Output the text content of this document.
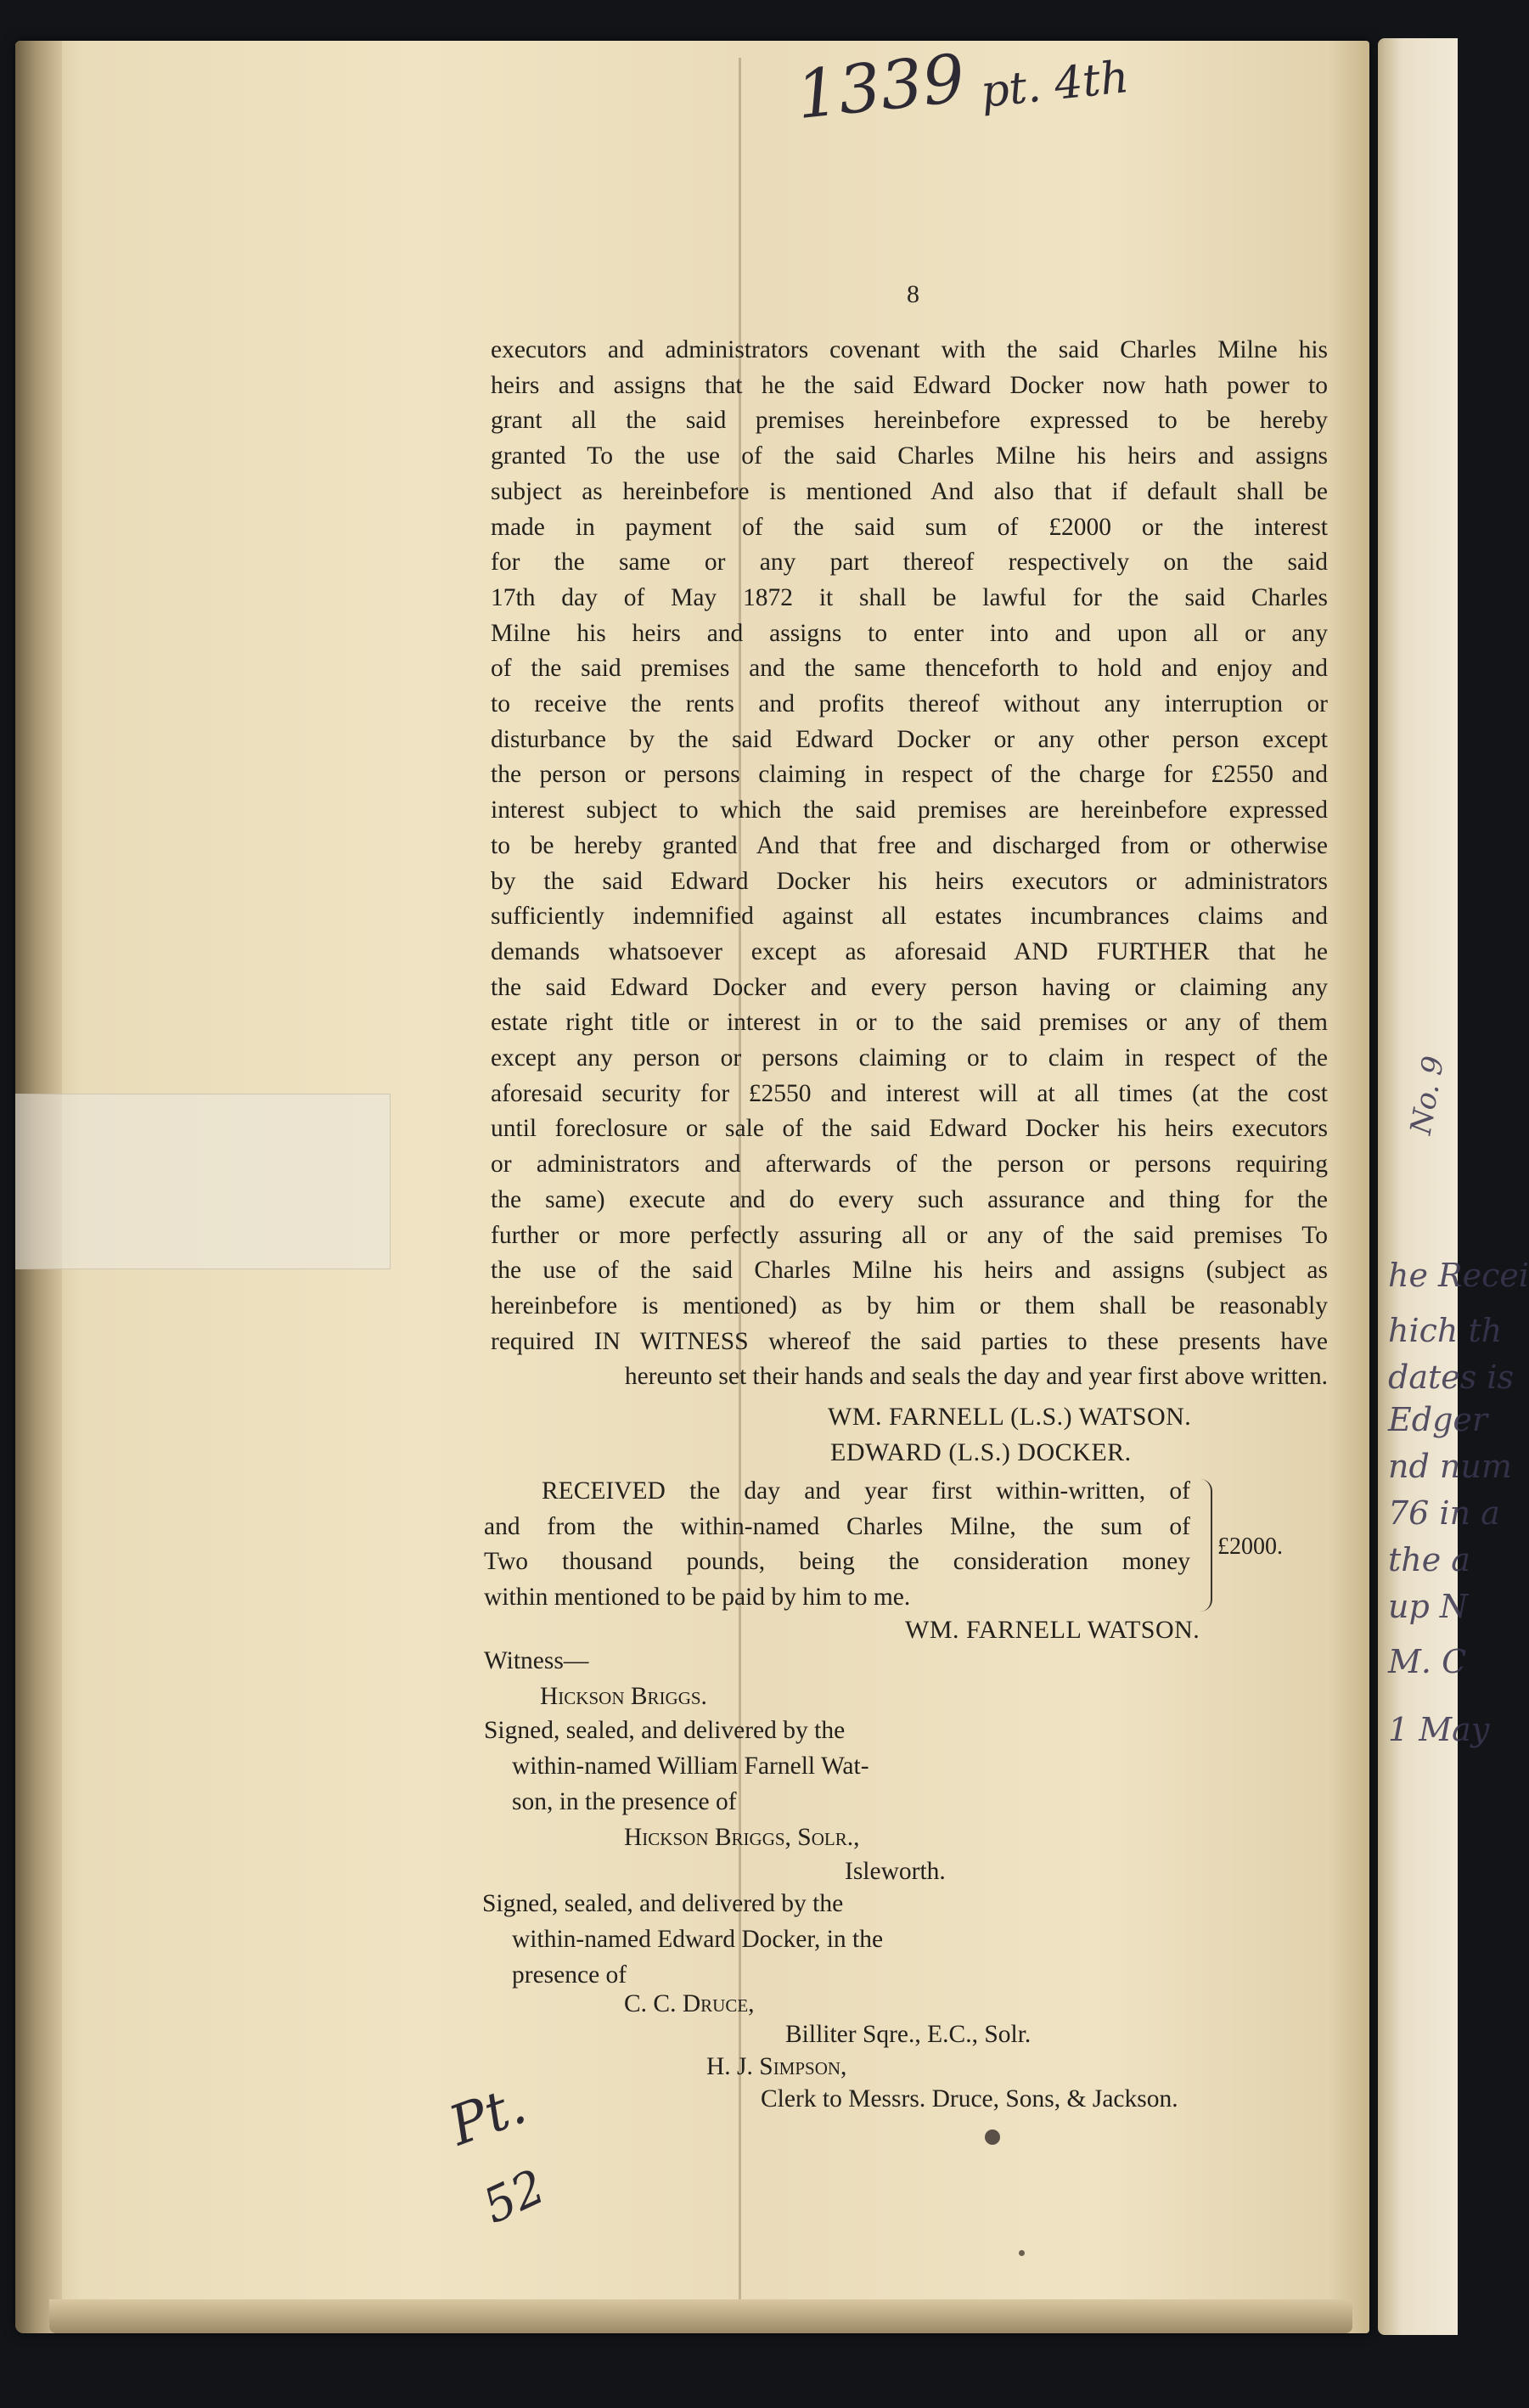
No. 9
he Recei
hich th
dates is
Edger
nd num
76 in a
the a
up N
M. C
1 May
1339 pt. 4th
8
executors and administrators covenant with the said Charles Milne his
heirs and assigns that he the said Edward Docker now hath power to
grant all the said premises hereinbefore expressed to be hereby
granted To the use of the said Charles Milne his heirs and assigns
subject as hereinbefore is mentioned And also that if default shall be
made in payment of the said sum of £2000 or the interest
for the same or any part thereof respectively on the said
17th day of May 1872 it shall be lawful for the said Charles
Milne his heirs and assigns to enter into and upon all or any
of the said premises and the same thenceforth to hold and enjoy and
to receive the rents and profits thereof without any interruption or
disturbance by the said Edward Docker or any other person except
the person or persons claiming in respect of the charge for £2550 and
interest subject to which the said premises are hereinbefore expressed
to be hereby granted And that free and discharged from or otherwise
by the said Edward Docker his heirs executors or administrators
sufficiently indemnified against all estates incumbrances claims and
demands whatsoever except as aforesaid AND FURTHER that he
the said Edward Docker and every person having or claiming any
estate right title or interest in or to the said premises or any of them
except any person or persons claiming or to claim in respect of the
aforesaid security for £2550 and interest will at all times (at the cost
until foreclosure or sale of the said Edward Docker his heirs executors
or administrators and afterwards of the person or persons requiring
the same) execute and do every such assurance and thing for the
further or more perfectly assuring all or any of the said premises To
the use of the said Charles Milne his heirs and assigns (subject as
hereinbefore is mentioned) as by him or them shall be reasonably
required IN WITNESS whereof the said parties to these presents have
hereunto set their hands and seals the day and year first above written.
WM. FARNELL (L.S.) WATSON.
EDWARD (L.S.) DOCKER.
RECEIVED the day and year first within-written, of
and from the within-named Charles Milne, the sum of
Two thousand pounds, being the consideration money
within mentioned to be paid by him to me.
£2000.
WM. FARNELL WATSON.
Witness—
Hickson Briggs.
Signed, sealed, and delivered by the
within-named William Farnell Wat-
son, in the presence of
Hickson Briggs, Solr.,
Isleworth.
Signed, sealed, and delivered by the
within-named Edward Docker, in the
presence of
C. C. Druce,
Billiter Sqre., E.C., Solr.
H. J. Simpson,
Clerk to Messrs. Druce, Sons, & Jackson.
Pt.
52
